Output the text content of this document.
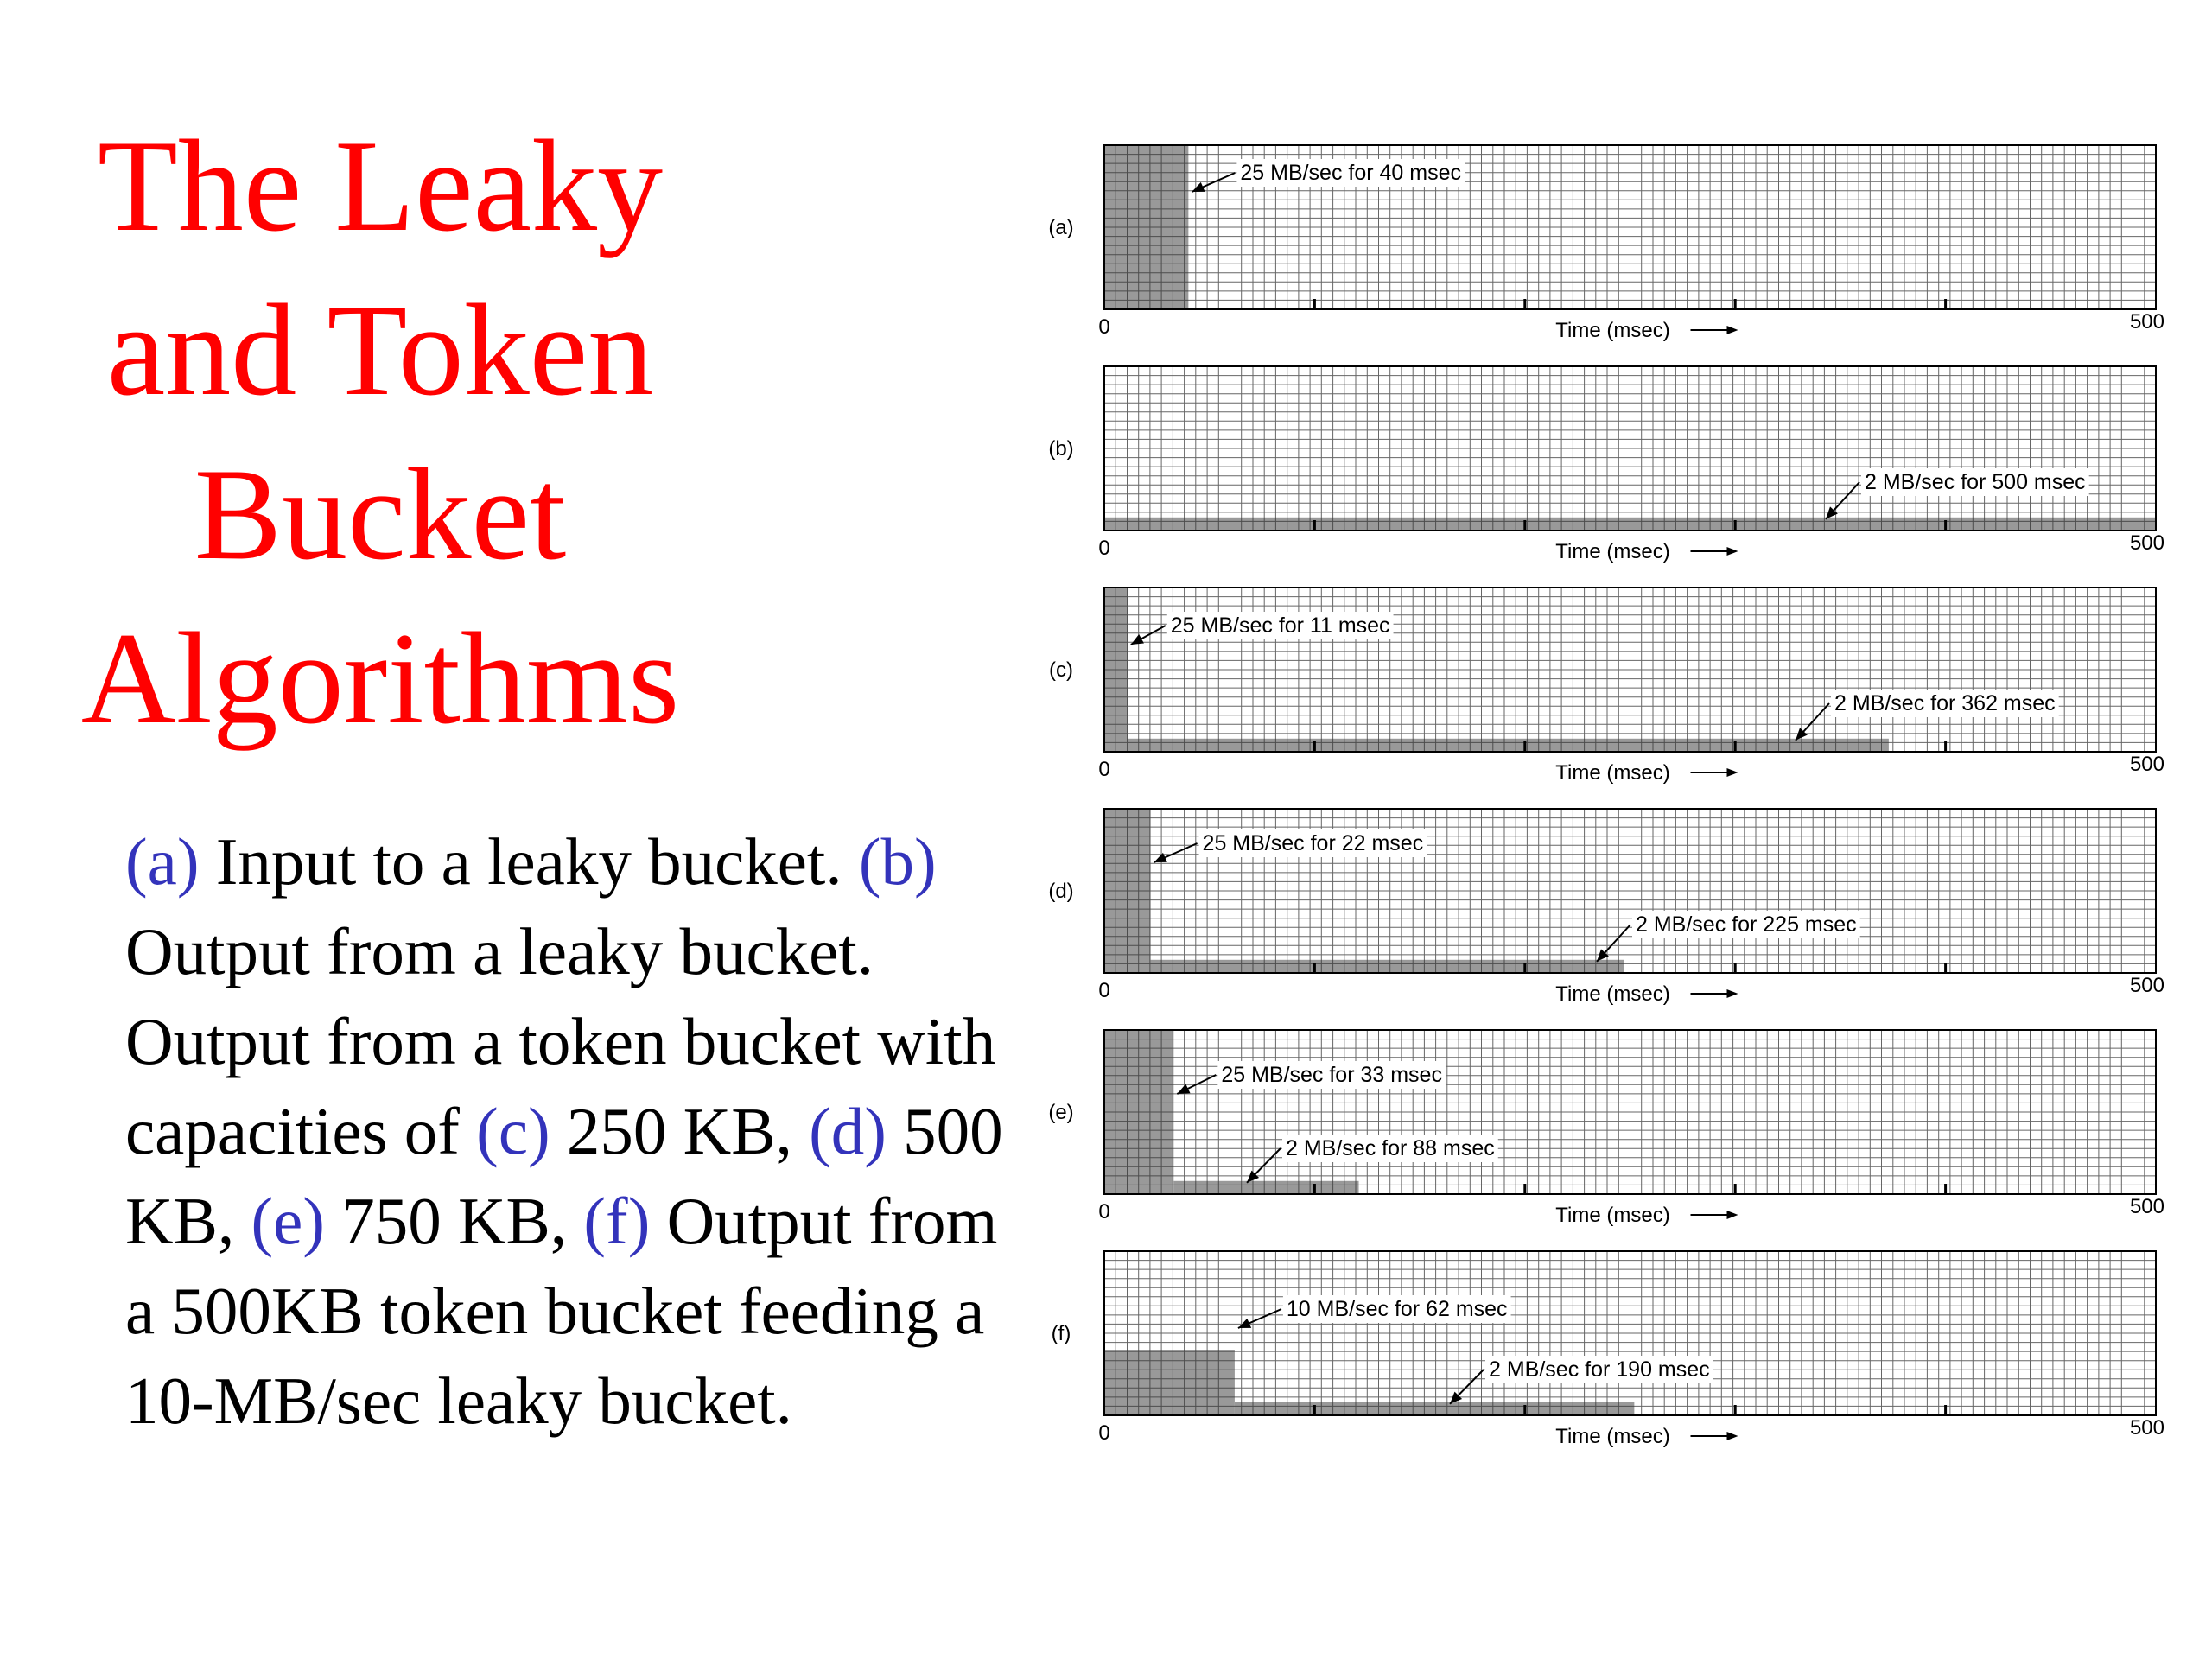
The Leaky
and Token
Bucket
Algorithms
(a) Input to a leaky bucket. (b) Output from a leaky bucket. Output from a token bucket with capacities of (c) 250 KB, (d) 500 KB, (e) 750 KB, (f) Output from a 500KB token bucket feeding a 10-MB/sec leaky bucket.
(a)
0	500
Time (msec)
25 MB/sec for 40 msec
(b)
0	500
Time (msec)
2 MB/sec for 500 msec
(c)
0	500
Time (msec)
25 MB/sec for 11 msec
2 MB/sec for 362 msec
(d)
0	500
Time (msec)
25 MB/sec for 22 msec
2 MB/sec for 225 msec
(e)
0	500
Time (msec)
25 MB/sec for 33 msec
2 MB/sec for 88 msec
(f)
0	500
Time (msec)
10 MB/sec for 62 msec
2 MB/sec for 190 msec
